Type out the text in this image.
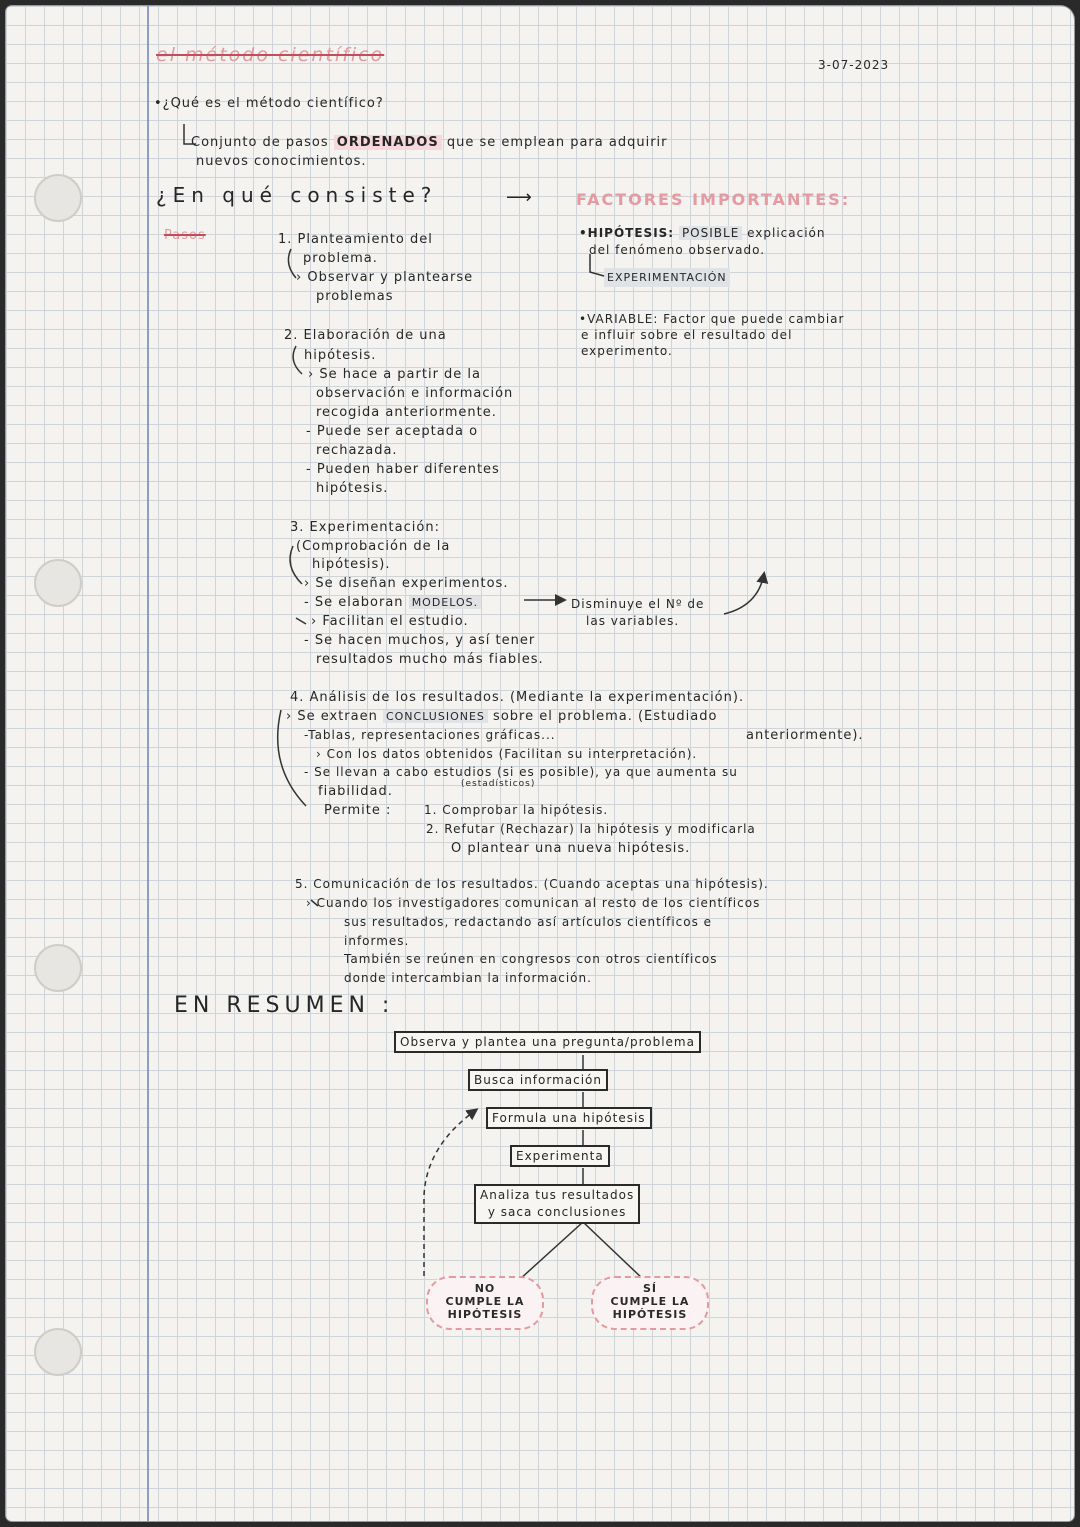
el método científico	3-07-2023
•¿Qué es el método científico?
Conjunto de pasos ORDENADOS que se emplean para adquirir
nuevos conocimientos.
¿En qué consiste?	⟶	FACTORES IMPORTANTES:
Pasos	•HIPÓTESIS: POSIBLE explicación
del fenómeno observado.
EXPERIMENTACIÓN
•VARIABLE: Factor que puede cambiar
e influir sobre el resultado del
experimento.
1. Planteamiento del
problema.
› Observar y plantearse
problemas
2. Elaboración de una
hipótesis.
› Se hace a partir de la
observación e información
recogida anteriormente.
- Puede ser aceptada o
rechazada.
- Pueden haber diferentes
hipótesis.
3. Experimentación:
(Comprobación de la
hipótesis).
› Se diseñan experimentos.
- Se elaboran MODELOS.	Disminuye el Nº de
las variables.
› Facilitan el estudio.
- Se hacen muchos, y así tener
resultados mucho más fiables.
4. Análisis de los resultados. (Mediante la experimentación).
› Se extraen CONCLUSIONES sobre el problema. (Estudiado
-Tablas, representaciones gráficas...	anteriormente).
› Con los datos obtenidos (Facilitan su interpretación).
- Se llevan a cabo estudios (si es posible), ya que aumenta su
fiabilidad.	(estadísticos)
Permite :	1. Comprobar la hipótesis.
2. Refutar (Rechazar) la hipótesis y modificarla
O plantear una nueva hipótesis.
5. Comunicación de los resultados. (Cuando aceptas una hipótesis).
› Cuando los investigadores comunican al resto de los científicos
sus resultados, redactando así artículos científicos e
informes.
También se reúnen en congresos con otros científicos
donde intercambian la información.
EN RESUMEN :
Observa y plantea una pregunta/problema
Busca información
Formula una hipótesis
Experimenta
Analiza tus resultados
y saca conclusiones
NO
CUMPLE LA
HIPÓTESIS
SÍ
CUMPLE LA
HIPÓTESIS
